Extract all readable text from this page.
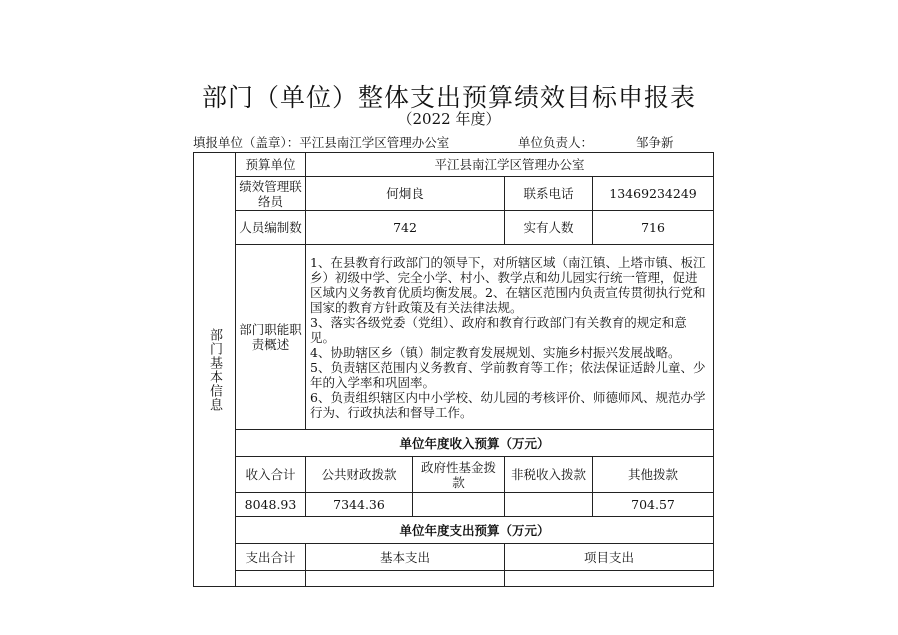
部门（单位）整体支出预算绩效目标申报表
（2022 年度）
填报单位（盖章）：平江县南江学区管理办公室	单位负责人：	邹争新
部门基本信息	预算单位	平江县南江学区管理办公室			
	绩效管理联络员	何炯良		联系电话	13469234249
	人员编制数	742		实有人数	716
	部门职能职责概述	1、在县教育行政部门的领导下，对所辖区域（南江镇、上塔市镇、板江乡）初级中学、完全小学、村小、教学点和幼儿园实行统一管理，促进区域内义务教育优质均衡发展。2、在辖区范围内负责宣传贯彻执行党和国家的教育方针政策及有关法律法规。

3、落实各级党委（党组）、政府和教育行政部门有关教育的规定和意见。

4、协助辖区乡（镇）制定教育发展规划、实施乡村振兴发展战略。

5、负责辖区范围内义务教育、学前教育等工作；依法保证适龄儿童、少年的入学率和巩固率。

6、负责组织辖区内中小学校、幼儿园的考核评价、师德师风、规范办学行为、行政执法和督导工作。			

	单位年度收入预算（万元）				
	收入合计	公共财政拨款	政府性基金拨款	非税收入拨款	其他拨款
	8048.93	7344.36			704.57
	单位年度支出预算（万元）				
	支出合计	基本支出		项目支出	
